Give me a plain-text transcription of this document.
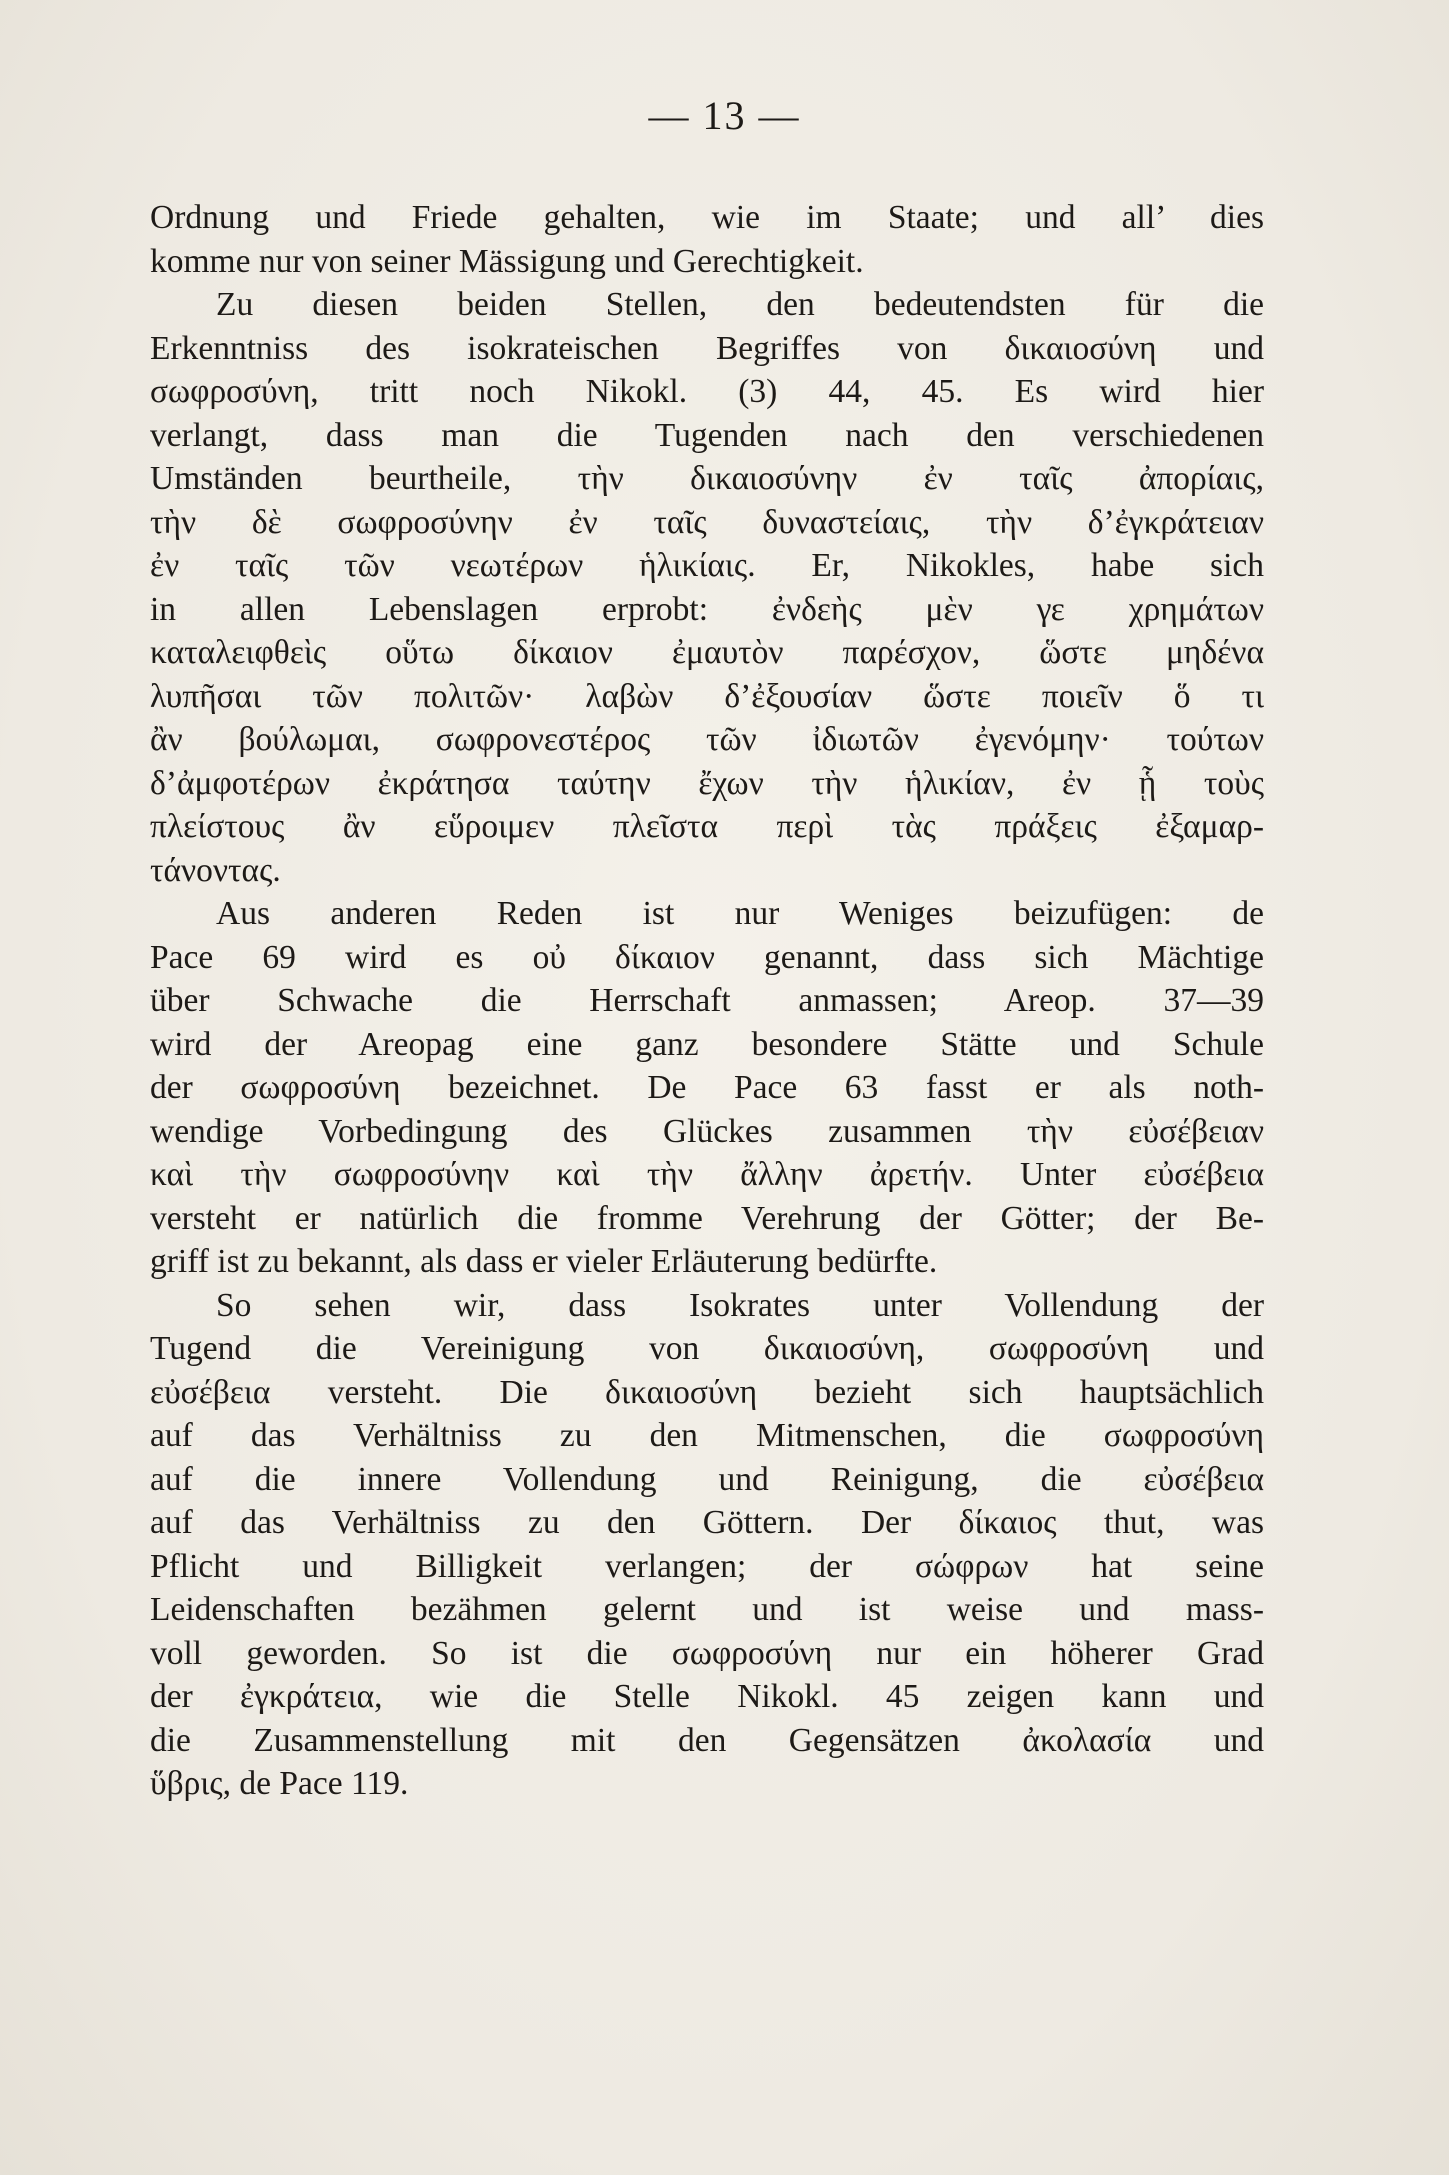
— 13 —
Ordnung und Friede gehalten, wie im Staate; und all’ dies
komme nur von seiner Mässigung und Gerechtigkeit.
Zu diesen beiden Stellen, den bedeutendsten für die
Erkenntniss des isokrateischen Begriffes von δικαιοσύνη und
σωφροσύνη, tritt noch Nikokl. (3) 44, 45. Es wird hier
verlangt, dass man die Tugenden nach den verschiedenen
Umständen beurtheile, τὴν δικαιοσύνην ἐν ταῖς ἀπορίαις,
τὴν δὲ σωφροσύνην ἐν ταῖς δυναστείαις, τὴν δ’ἐγκράτειαν
ἐν ταῖς τῶν νεωτέρων ἡλικίαις. Er, Nikokles, habe sich
in allen Lebenslagen erprobt: ἐνδεὴς μὲν γε χρημάτων
καταλειφθεὶς οὕτω δίκαιον ἐμαυτὸν παρέσχον, ὥστε μηδένα
λυπῆσαι τῶν πολιτῶν· λαβὼν δ’ἐξουσίαν ὥστε ποιεῖν ὅ τι
ἂν βούλωμαι, σωφρονεστέρος τῶν ἰδιωτῶν ἐγενόμην· τούτων
δ’ἀμφοτέρων ἐκράτησα ταύτην ἔχων τὴν ἡλικίαν, ἐν ᾗ τοὺς
πλείστους ἂν εὕροιμεν πλεῖστα περὶ τὰς πράξεις ἐξαμαρ-
τάνοντας.
Aus anderen Reden ist nur Weniges beizufügen: de
Pace 69 wird es οὐ δίκαιον genannt, dass sich Mächtige
über Schwache die Herrschaft anmassen; Areop. 37—39
wird der Areopag eine ganz besondere Stätte und Schule
der σωφροσύνη bezeichnet. De Pace 63 fasst er als noth-
wendige Vorbedingung des Glückes zusammen τὴν εὐσέβειαν
καὶ τὴν σωφροσύνην καὶ τὴν ἄλλην ἀρετήν. Unter εὐσέβεια
versteht er natürlich die fromme Verehrung der Götter; der Be-
griff ist zu bekannt, als dass er vieler Erläuterung bedürfte.
So sehen wir, dass Isokrates unter Vollendung der
Tugend die Vereinigung von δικαιοσύνη, σωφροσύνη und
εὐσέβεια versteht. Die δικαιοσύνη bezieht sich hauptsächlich
auf das Verhältniss zu den Mitmenschen, die σωφροσύνη
auf die innere Vollendung und Reinigung, die εὐσέβεια
auf das Verhältniss zu den Göttern. Der δίκαιος thut, was
Pflicht und Billigkeit verlangen; der σώφρων hat seine
Leidenschaften bezähmen gelernt und ist weise und mass-
voll geworden. So ist die σωφροσύνη nur ein höherer Grad
der ἐγκράτεια, wie die Stelle Nikokl. 45 zeigen kann und
die Zusammenstellung mit den Gegensätzen ἀκολασία und
ὕβρις, de Pace 119.
